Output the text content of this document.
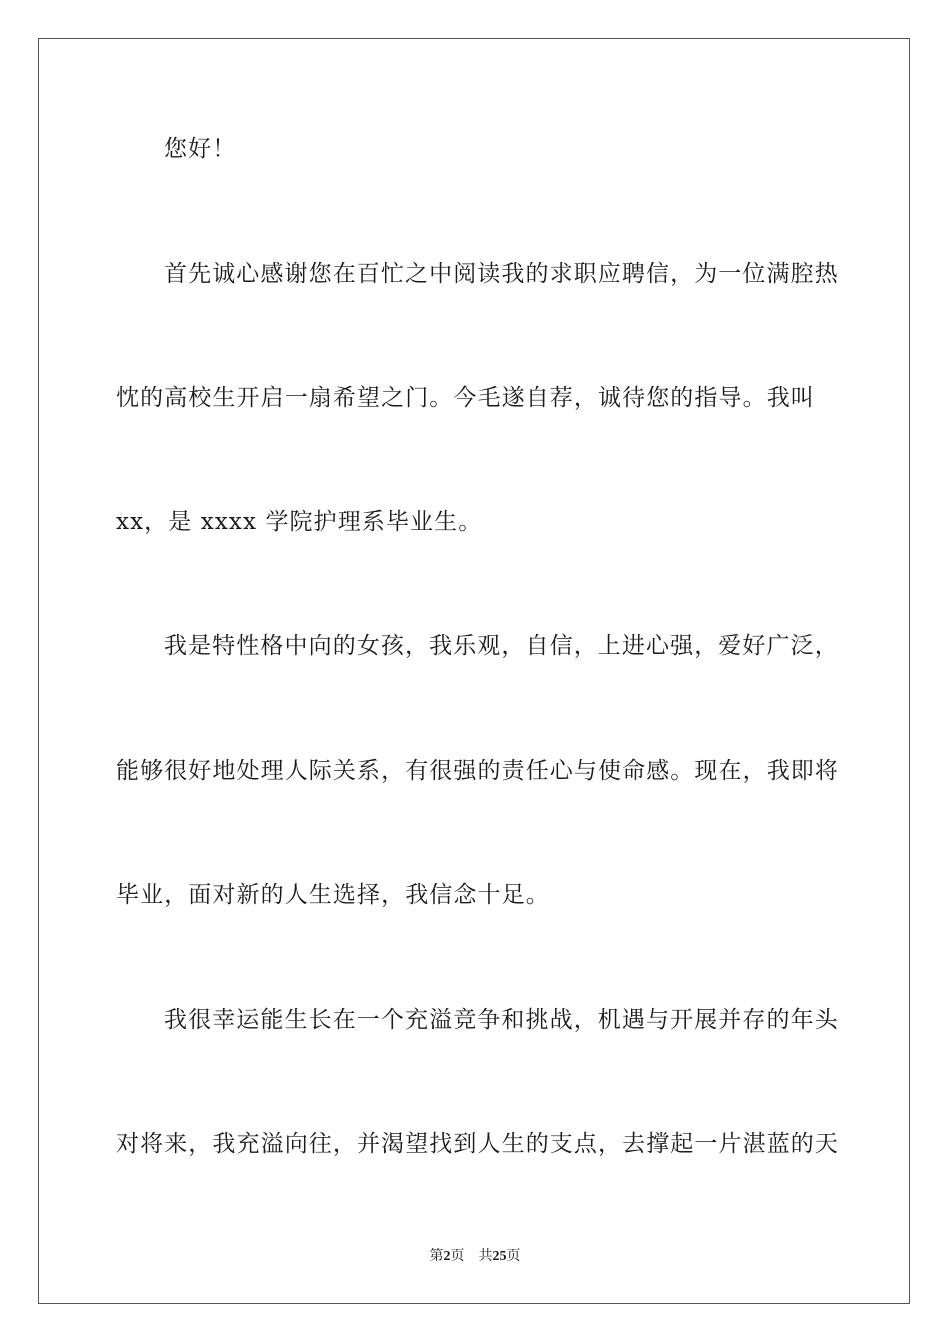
您好！
首先诚心感谢您在百忙之中阅读我的求职应聘信，为一位满腔热
忱的高校生开启一扇希望之门。今毛遂自荐，诚待您的指导。我叫
xx，是 xxxx 学院护理系毕业生。
我是特性格中向的女孩，我乐观，自信，上进心强，爱好广泛，
能够很好地处理人际关系，有很强的责任心与使命感。现在，我即将
毕业，面对新的人生选择，我信念十足。
我很幸运能生长在一个充溢竞争和挑战，机遇与开展并存的年头
对将来，我充溢向往，并渴望找到人生的支点，去撑起一片湛蓝的天
第2页 共25页
